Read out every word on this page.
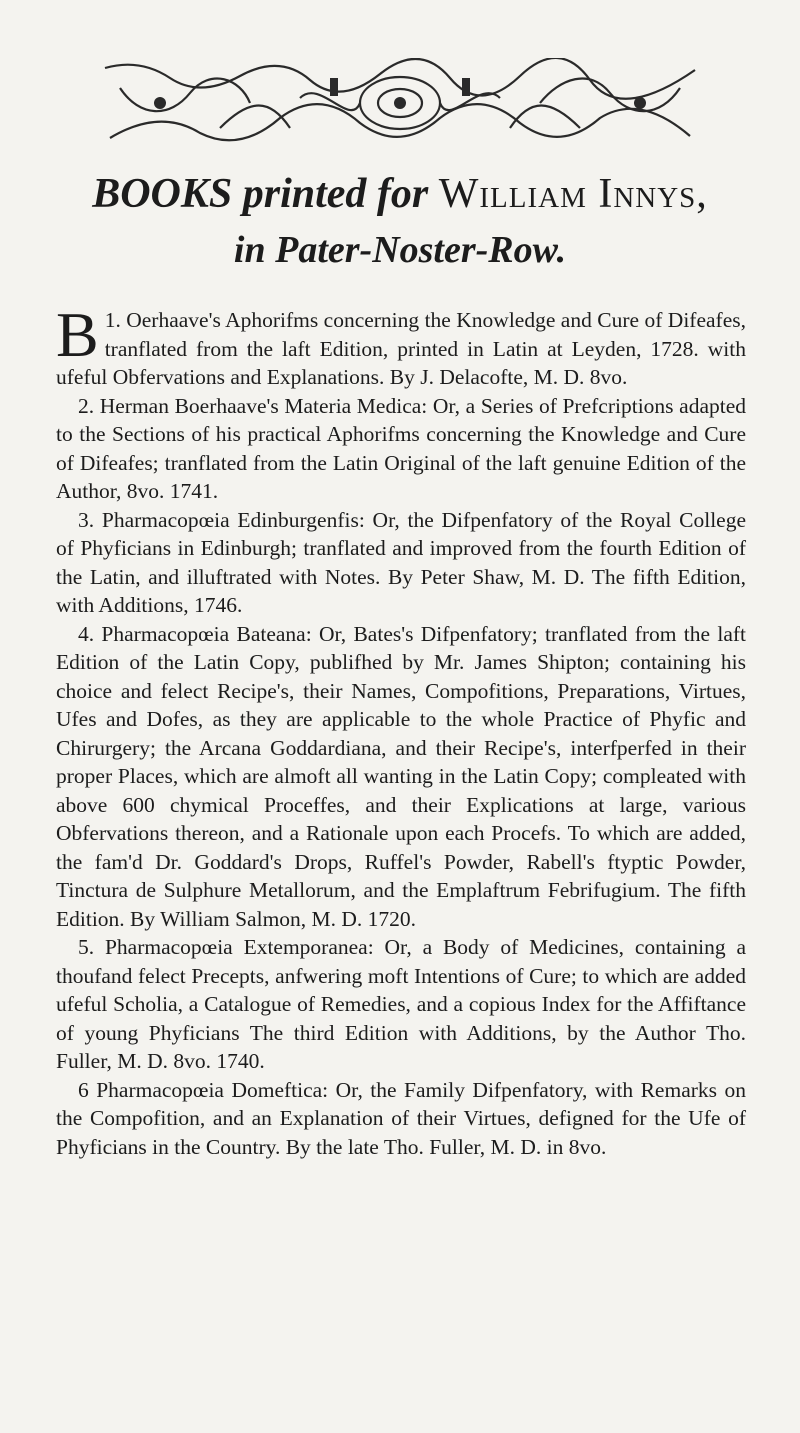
BOOKS printed for William Innys,
in Pater-Noster-Row.

1.
B Oerhaave's Aphorifms concerning the Knowledge and Cure of Difeafes, tranflated from the laft Edition, printed in Latin at Leyden, 1728. with ufeful Obfervations and Explanations. By J. Delacofte, M. D. 8vo.

2. Herman Boerhaave's Materia Medica: Or, a Series of Prefcriptions adapted to the Sections of his practical Aphorifms concerning the Knowledge and Cure of Difeafes; tranflated from the Latin Original of the laft genuine Edition of the Author, 8vo. 1741.

3. Pharmacopœia Edinburgenfis: Or, the Difpenfatory of the Royal College of Phyficians in Edinburgh; tranflated and improved from the fourth Edition of the Latin, and illuftrated with Notes. By Peter Shaw, M. D. The fifth Edition, with Additions, 1746.

4. Pharmacopœia Bateana: Or, Bates's Difpenfatory; tranflated from the laft Edition of the Latin Copy, publifhed by Mr. James Shipton; containing his choice and felect Recipe's, their Names, Compofitions, Preparations, Virtues, Ufes and Dofes, as they are applicable to the whole Practice of Phyfic and Chirurgery; the Arcana Goddardiana, and their Recipe's, interfperfed in their proper Places, which are almoft all wanting in the Latin Copy; compleated with above 600 chymical Proceffes, and their Explications at large, various Obfervations thereon, and a Rationale upon each Procefs. To which are added, the fam'd Dr. Goddard's Drops, Ruffel's Powder, Rabell's ftyptic Powder, Tinctura de Sulphure Metallorum, and the Emplaftrum Febrifugium. The fifth Edition. By William Salmon, M. D. 1720.

5. Pharmacopœia Extemporanea: Or, a Body of Medicines, containing a thoufand felect Precepts, anfwering moft Intentions of Cure; to which are added ufeful Scholia, a Catalogue of Remedies, and a copious Index for the Affiftance of young Phyficians The third Edition with Additions, by the Author Tho. Fuller, M. D. 8vo. 1740.

6 Pharmacopœia Domeftica: Or, the Family Difpenfatory, with Remarks on the Compofition, and an Explanation of their Virtues, defigned for the Ufe of Phyficians in the Country. By the late Tho. Fuller, M. D. in 8vo.
